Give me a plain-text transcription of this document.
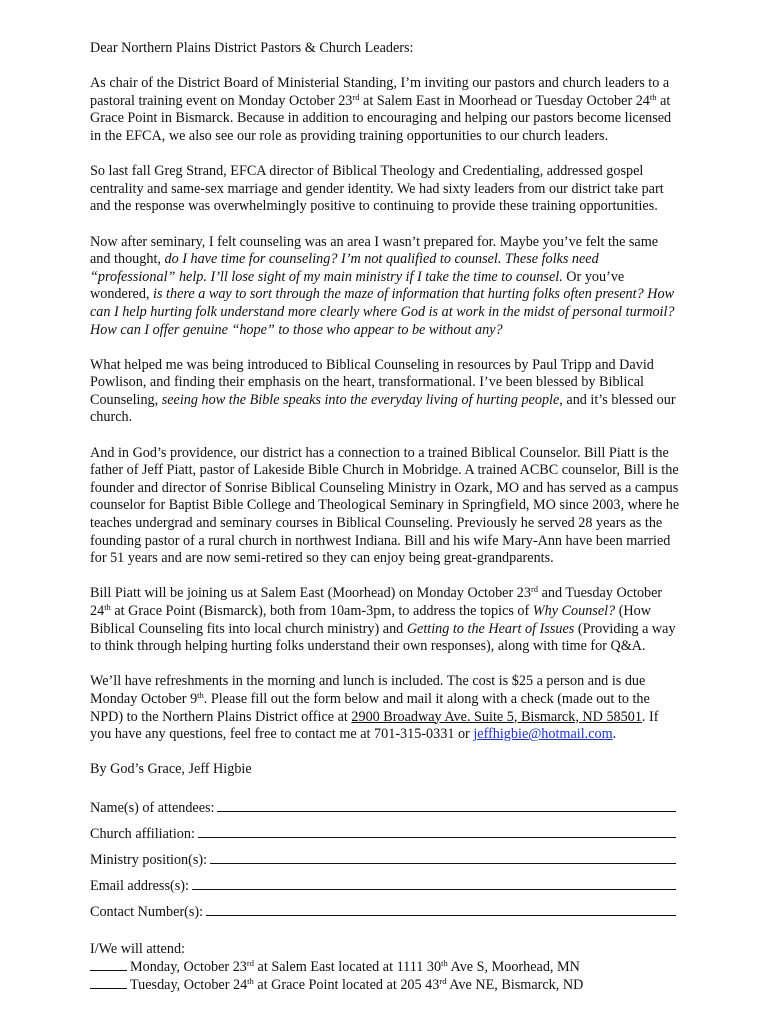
Dear Northern Plains District Pastors & Church Leaders:

As chair of the District Board of Ministerial Standing, I’m inviting our pastors and church leaders to a pastoral training event on Monday October 23rd at Salem East in Moorhead or Tuesday October 24th at Grace Point in Bismarck. Because in addition to encouraging and helping our pastors become licensed in the EFCA, we also see our role as providing training opportunities to our church leaders.

So last fall Greg Strand, EFCA director of Biblical Theology and Credentialing, addressed gospel centrality and same-sex marriage and gender identity. We had sixty leaders from our district take part and the response was overwhelmingly positive to continuing to provide these training opportunities.

Now after seminary, I felt counseling was an area I wasn’t prepared for. Maybe you’ve felt the same and thought, do I have time for counseling? I’m not qualified to counsel. These folks need “professional” help. I’ll lose sight of my main ministry if I take the time to counsel. Or you’ve wondered, is there a way to sort through the maze of information that hurting folks often present? How can I help hurting folk understand more clearly where God is at work in the midst of personal turmoil? How can I offer genuine “hope” to those who appear to be without any?

What helped me was being introduced to Biblical Counseling in resources by Paul Tripp and David Powlison, and finding their emphasis on the heart, transformational. I’ve been blessed by Biblical Counseling, seeing how the Bible speaks into the everyday living of hurting people, and it’s blessed our church.

And in God’s providence, our district has a connection to a trained Biblical Counselor. Bill Piatt is the father of Jeff Piatt, pastor of Lakeside Bible Church in Mobridge. A trained ACBC counselor, Bill is the founder and director of Sonrise Biblical Counseling Ministry in Ozark, MO and has served as a campus counselor for Baptist Bible College and Theological Seminary in Springfield, MO since 2003, where he teaches undergrad and seminary courses in Biblical Counseling. Previously he served 28 years as the founding pastor of a rural church in northwest Indiana. Bill and his wife Mary-Ann have been married for 51 years and are now semi-retired so they can enjoy being great-grandparents.

Bill Piatt will be joining us at Salem East (Moorhead) on Monday October 23rd and Tuesday October 24th at Grace Point (Bismarck), both from 10am-3pm, to address the topics of Why Counsel? (How Biblical Counseling fits into local church ministry) and Getting to the Heart of Issues (Providing a way to think through helping hurting folks understand their own responses), along with time for Q&A.

We’ll have refreshments in the morning and lunch is included. The cost is $25 a person and is due Monday October 9th. Please fill out the form below and mail it along with a check (made out to the NPD) to the Northern Plains District office at 2900 Broadway Ave. Suite 5, Bismarck, ND 58501. If you have any questions, feel free to contact me at 701-315-0331 or jeffhigbie@hotmail.com.

By God’s Grace, Jeff Higbie

Name(s) of attendees:
Church affiliation:
Ministry position(s):
Email address(s):
Contact Number(s):
I/We will attend:
Monday, October 23rd at Salem East located at 1111 30th Ave S, Moorhead, MN
Tuesday, October 24th at Grace Point located at 205 43rd Ave NE, Bismarck, ND
